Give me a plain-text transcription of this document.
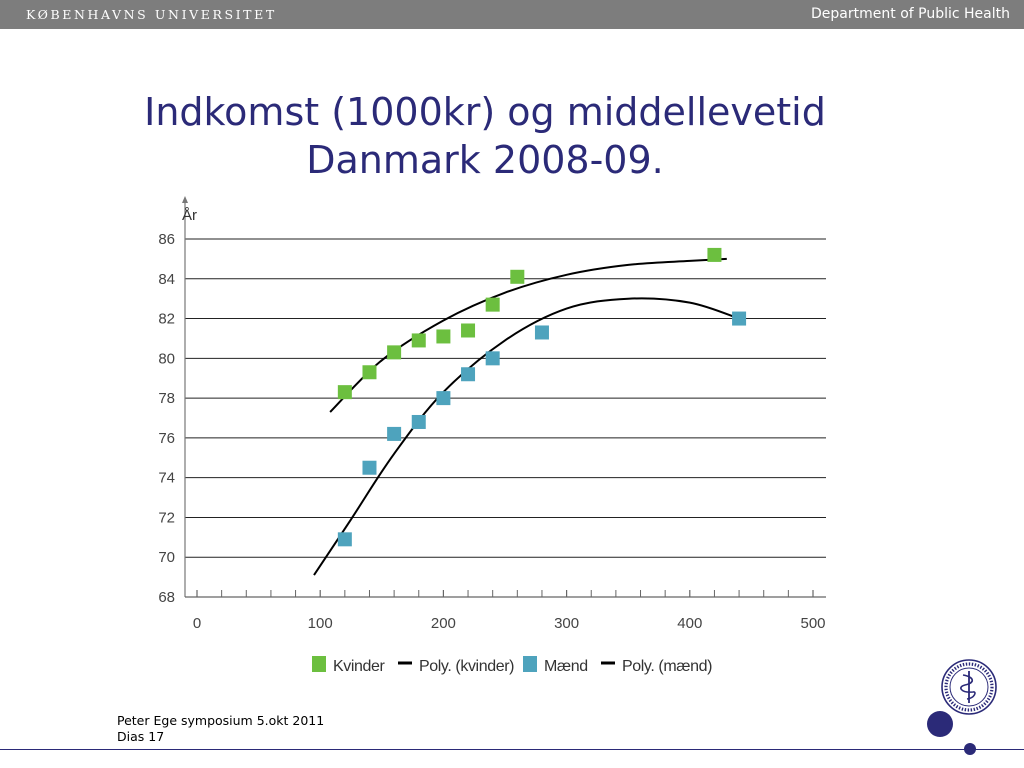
KØBENHAVNS UNIVERSITET	Department of Public Health
Indkomst (1000kr) og middellevetid
Danmark 2008-09.
68
70
72
74
76
78
80
82
84
86
År
0	100	200	300	400	500
Kvinder Poly. (kvinder) Mænd Poly. (mænd)
Peter Ege symposium 5.okt 2011
Dias 17
